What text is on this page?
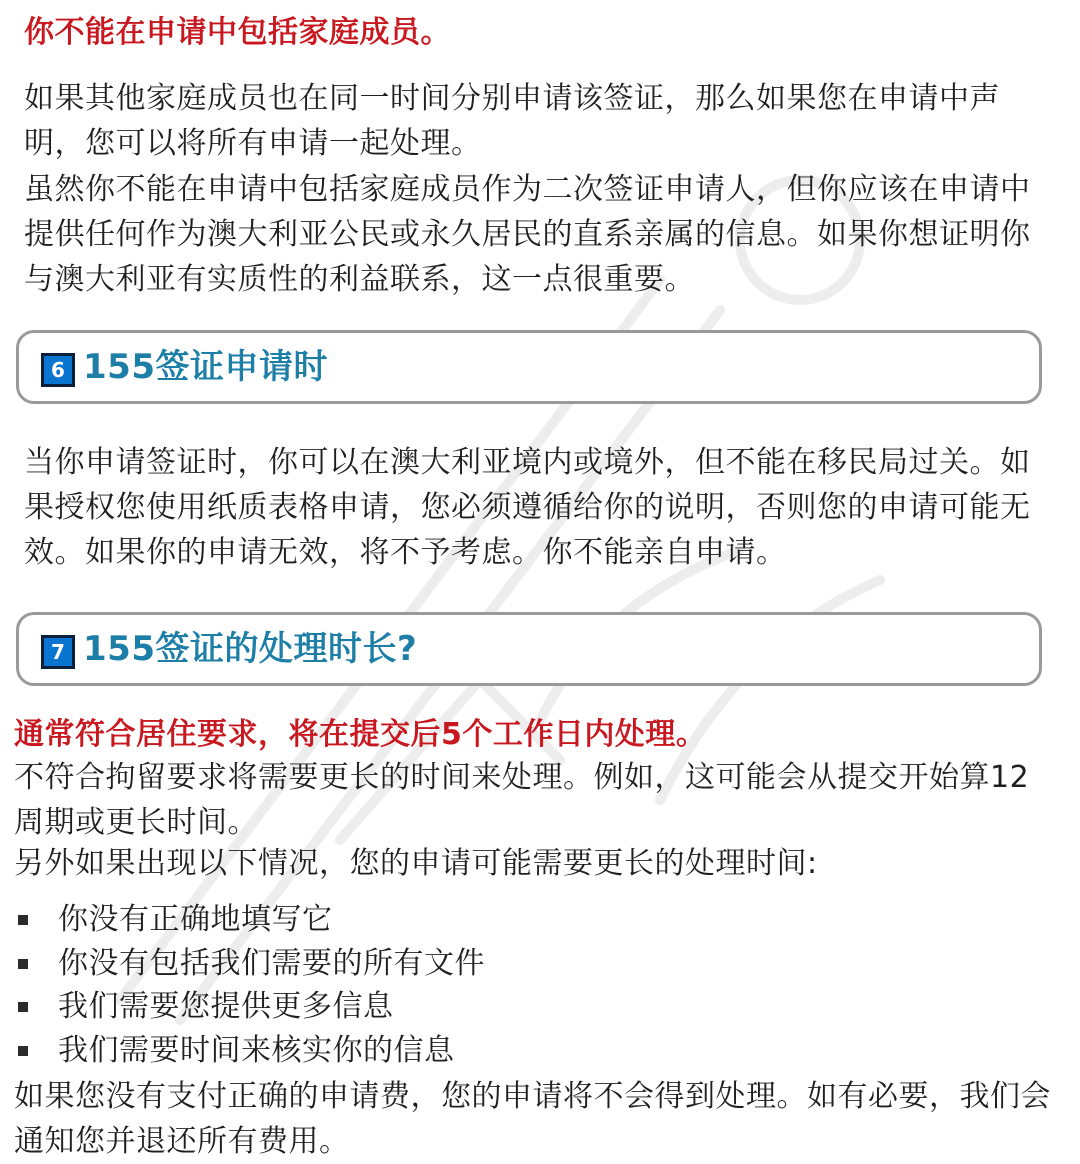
你不能在申请中包括家庭成员。

如果其他家庭成员也在同一时间分别申请该签证，那么如果您在申请中声明，您可以将所有申请一起处理。

虽然你不能在申请中包括家庭成员作为二次签证申请人，但你应该在申请中提供任何作为澳大利亚公民或永久居民的直系亲属的信息。如果你想证明你与澳大利亚有实质性的利益联系，这一点很重要。

6 155签证申请时

当你申请签证时，你可以在澳大利亚境内或境外，但不能在移民局过关。如果授权您使用纸质表格申请，您必须遵循给你的说明，否则您的申请可能无效。如果你的申请无效，将不予考虑。你不能亲自申请。

7 155签证的处理时长?

通常符合居住要求，将在提交后5个工作日内处理。

不符合拘留要求将需要更长的时间来处理。例如，这可能会从提交开始算12周期或更长时间。

另外如果出现以下情况，您的申请可能需要更长的处理时间:

你没有正确地填写它
你没有包括我们需要的所有文件
我们需要您提供更多信息
我们需要时间来核实你的信息

如果您没有支付正确的申请费，您的申请将不会得到处理。如有必要，我们会通知您并退还所有费用。
